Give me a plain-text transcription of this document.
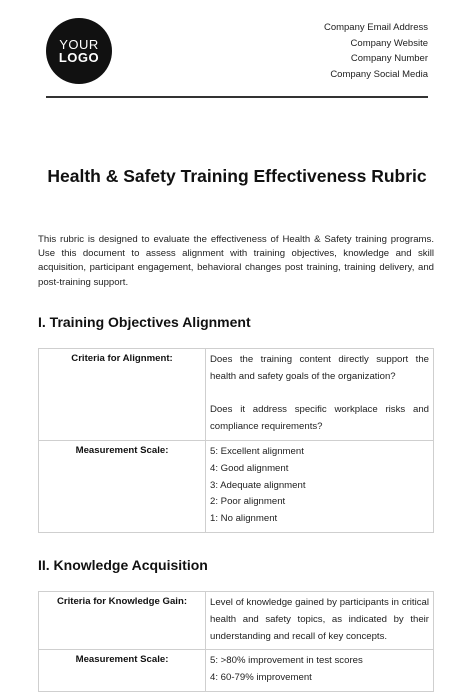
YOUR
LOGO
Company Email Address
Company Website
Company Number
Company Social Media
Health & Safety Training Effectiveness Rubric
This rubric is designed to evaluate the effectiveness of Health & Safety training programs. Use this document to assess alignment with training objectives, knowledge and skill acquisition, participant engagement, behavioral changes post training, training delivery, and post-training support.
I. Training Objectives Alignment
Criteria for Alignment:	Does the training content directly support the health and safety goals of the organization?
Does it address specific workplace risks and compliance requirements?

Measurement Scale:	5: Excellent alignment
4: Good alignment
3: Adequate alignment
2: Poor alignment
1: No alignment
II. Knowledge Acquisition
Criteria for Knowledge Gain:	Level of knowledge gained by participants in critical health and safety topics, as indicated by their understanding and recall of key concepts.

Measurement Scale:	5: >80% improvement in test scores
4: 60-79% improvement
